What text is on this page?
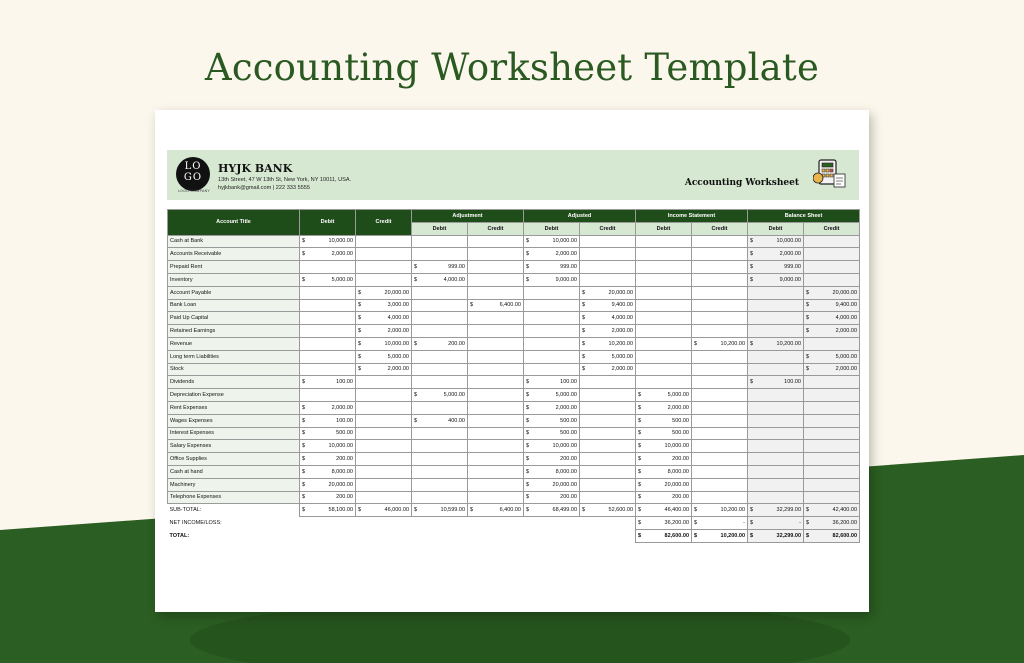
Accounting Worksheet Template
LO
GO
LOGO COMPANY
HYJK BANK
13th Street, 47 W 13th St, New York, NY 10011, USA.
hyjkbank@gmail.com | 222 333 5555	Accounting Worksheet
Account Title	Debit	Credit	Adjustment		Adjusted		Income Statement		Balance Sheet	
			Debit	Credit	Debit	Credit	Debit	Credit	Debit	Credit
Cash at Bank	$ 10,000.00				$ 10,000.00				$ 10,000.00	
Accounts Receivable	$ 2,000.00				$ 2,000.00				$ 2,000.00	
Prepaid Rent			$ 999.00		$ 999.00				$ 999.00	
Inventory	$ 5,000.00		$ 4,000.00		$ 9,000.00				$ 9,000.00	
Account Payable		$ 20,000.00				$ 20,000.00				$ 20,000.00
Bank Loan		$ 3,000.00		$ 6,400.00		$ 9,400.00				$ 9,400.00
Paid Up Capital		$ 4,000.00				$ 4,000.00				$ 4,000.00
Retained Earnings		$ 2,000.00				$ 2,000.00				$ 2,000.00
Revenue		$ 10,000.00	$ 200.00			$ 10,200.00		$ 10,200.00	$ 10,200.00	
Long term Liabilities		$ 5,000.00				$ 5,000.00				$ 5,000.00
Stock		$ 2,000.00				$ 2,000.00				$ 2,000.00
Dividends	$ 100.00				$ 100.00				$ 100.00	
Depreciation Expense			$ 5,000.00		$ 5,000.00		$ 5,000.00			
Rent Expenses	$ 2,000.00				$ 2,000.00		$ 2,000.00			
Wages Expenses	$ 100.00		$ 400.00		$ 500.00		$ 500.00			
Interest Expenses	$ 500.00				$ 500.00		$ 500.00			
Salary Expenses	$ 10,000.00				$ 10,000.00		$ 10,000.00			
Office Supplies	$ 200.00				$ 200.00		$ 200.00			
Cash at hand	$ 8,000.00				$ 8,000.00		$ 8,000.00			
Machinery	$ 20,000.00				$ 20,000.00		$ 20,000.00			
Telephone Expenses	$ 200.00				$ 200.00		$ 200.00			
SUB-TOTAL:	$ 58,100.00	$ 46,000.00	$ 10,599.00	$ 6,400.00	$ 68,499.00	$ 52,600.00	$ 46,400.00	$ 10,200.00	$ 32,299.00	$ 42,400.00
NET INCOME/LOSS:							$ 36,200.00	$ -	$ -	$ 36,200.00
TOTAL:							$ 82,600.00	$ 10,200.00	$ 32,299.00	$ 82,600.00
